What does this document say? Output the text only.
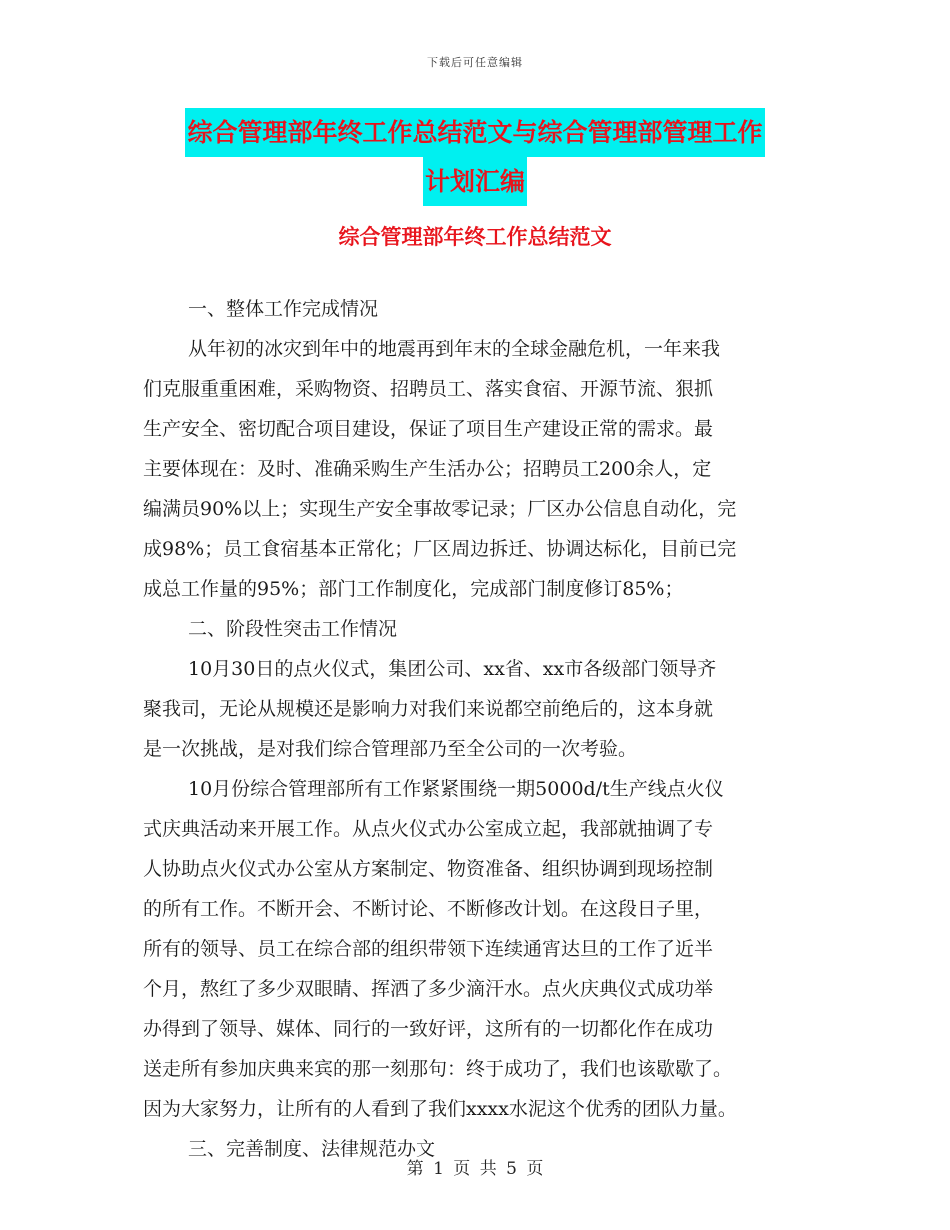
下载后可任意编辑
综合管理部年终工作总结范文与综合管理部管理工作
计划汇编
综合管理部年终工作总结范文
一、整体工作完成情况
从年初的冰灾到年中的地震再到年末的全球金融危机，一年来我
们克服重重困难，采购物资、招聘员工、落实食宿、开源节流、狠抓
生产安全、密切配合项目建设，保证了项目生产建设正常的需求。最
主要体现在：及时、准确采购生产生活办公；招聘员工200余人，定
编满员90%以上；实现生产安全事故零记录；厂区办公信息自动化，完
成98%；员工食宿基本正常化；厂区周边拆迁、协调达标化，目前已完
成总工作量的95%；部门工作制度化，完成部门制度修订85%；
二、阶段性突击工作情况
10月30日的点火仪式，集团公司、xx省、xx市各级部门领导齐
聚我司，无论从规模还是影响力对我们来说都空前绝后的，这本身就
是一次挑战，是对我们综合管理部乃至全公司的一次考验。
10月份综合管理部所有工作紧紧围绕一期5000d/t生产线点火仪
式庆典活动来开展工作。从点火仪式办公室成立起，我部就抽调了专
人协助点火仪式办公室从方案制定、物资准备、组织协调到现场控制
的所有工作。不断开会、不断讨论、不断修改计划。在这段日子里，
所有的领导、员工在综合部的组织带领下连续通宵达旦的工作了近半
个月，熬红了多少双眼睛、挥洒了多少滴汗水。点火庆典仪式成功举
办得到了领导、媒体、同行的一致好评，这所有的一切都化作在成功
送走所有参加庆典来宾的那一刻那句：终于成功了，我们也该歇歇了。
因为大家努力，让所有的人看到了我们xxxx水泥这个优秀的团队力量。
三、完善制度、法律规范办文
第 1 页 共 5 页
